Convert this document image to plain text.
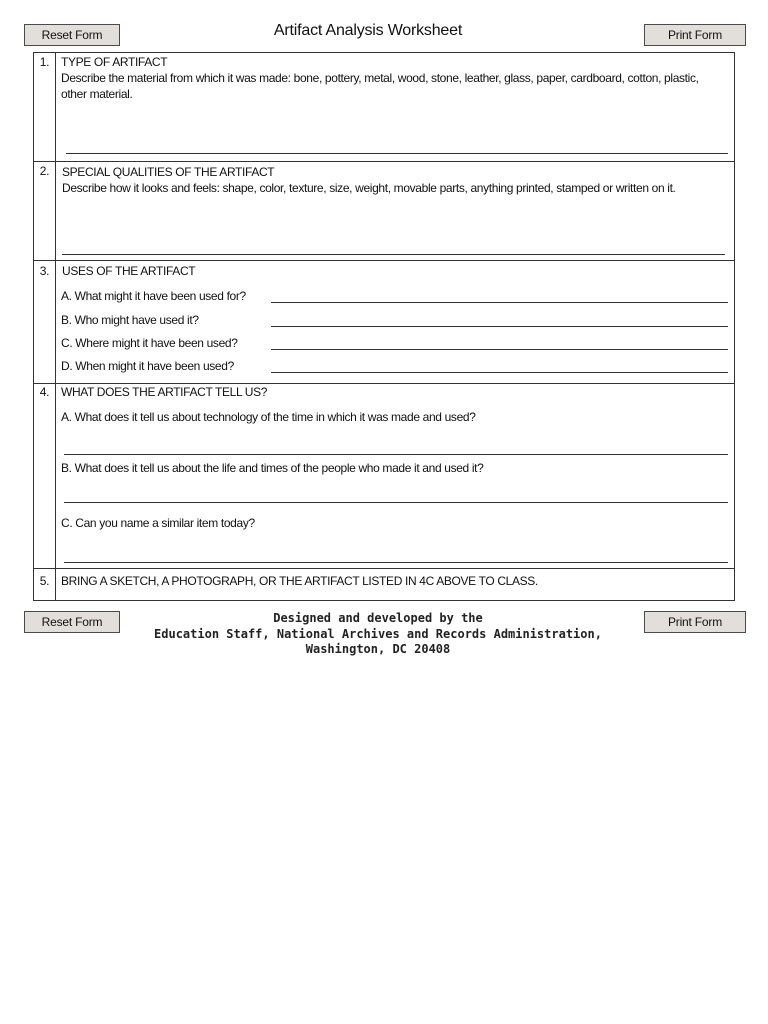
Reset Form	Artifact Analysis Worksheet	Print Form
1. TYPE OF ARTIFACT
Describe the material from which it was made: bone, pottery, metal, wood, stone, leather, glass, paper, cardboard, cotton, plastic, other material.
2.	SPECIAL QUALITIES OF THE ARTIFACT
Describe how it looks and feels: shape, color, texture, size, weight, movable parts, anything printed, stamped or written on it.
3.	USES OF THE ARTIFACT
A. What might it have been used for?
B. Who might have used it?
C. Where might it have been used?
D. When might it have been used?
4. WHAT DOES THE ARTIFACT TELL US?
A. What does it tell us about technology of the time in which it was made and used?
B. What does it tell us about the life and times of the people who made it and used it?
C. Can you name a similar item today?
5. BRING A SKETCH, A PHOTOGRAPH, OR THE ARTIFACT LISTED IN 4C ABOVE TO CLASS.
Reset Form	Designed and developed by the
Education Staff, National Archives and Records Administration,
Washington, DC 20408
Print Form
